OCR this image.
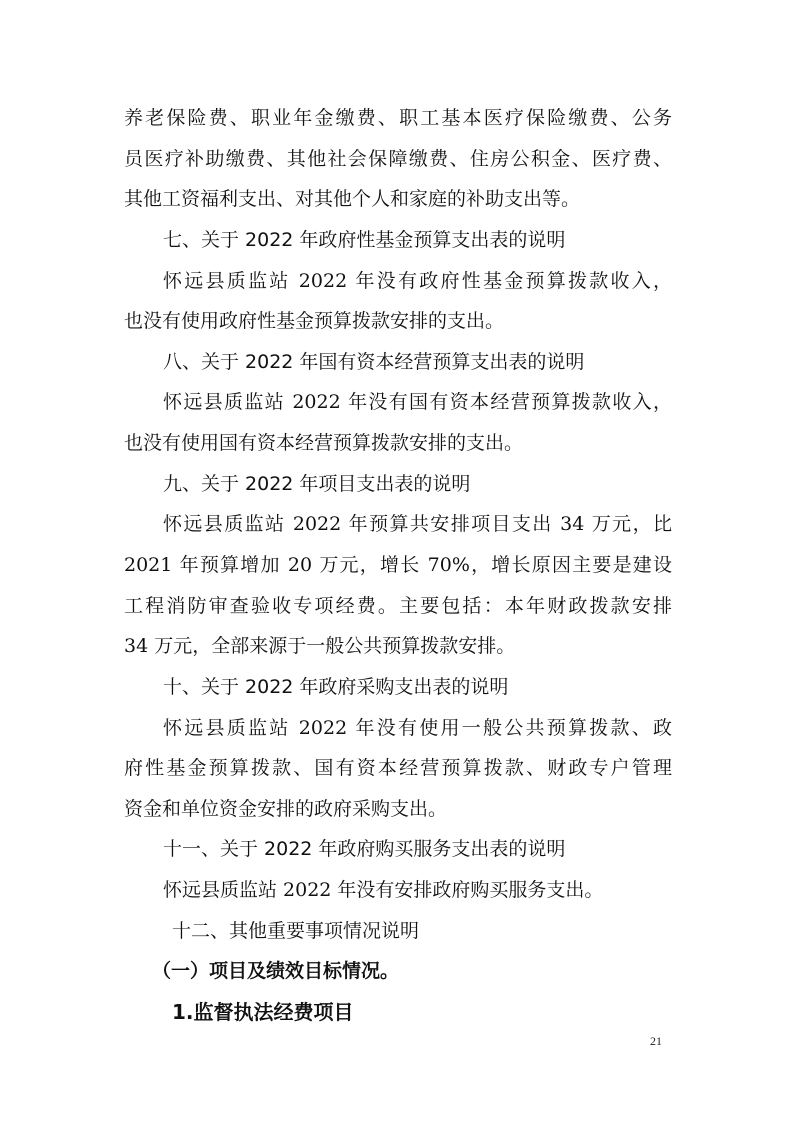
养老保险费、职业年金缴费、职工基本医疗保险缴费、公务
员医疗补助缴费、其他社会保障缴费、住房公积金、医疗费、
其他工资福利支出、对其他个人和家庭的补助支出等。
七、关于 2022 年政府性基金预算支出表的说明
怀远县质监站 2022 年没有政府性基金预算拨款收入，
也没有使用政府性基金预算拨款安排的支出。
八、关于 2022 年国有资本经营预算支出表的说明
怀远县质监站 2022 年没有国有资本经营预算拨款收入，
也没有使用国有资本经营预算拨款安排的支出。
九、关于 2022 年项目支出表的说明
怀远县质监站 2022 年预算共安排项目支出 34 万元，比
2021 年预算增加 20 万元，增长 70%，增长原因主要是建设
工程消防审查验收专项经费。主要包括：本年财政拨款安排
34 万元，全部来源于一般公共预算拨款安排。
十、关于 2022 年政府采购支出表的说明
怀远县质监站 2022 年没有使用一般公共预算拨款、政
府性基金预算拨款、国有资本经营预算拨款、财政专户管理
资金和单位资金安排的政府采购支出。
十一、关于 2022 年政府购买服务支出表的说明
怀远县质监站 2022 年没有安排政府购买服务支出。
十二、其他重要事项情况说明
（一）项目及绩效目标情况。
1.监督执法经费项目
21
